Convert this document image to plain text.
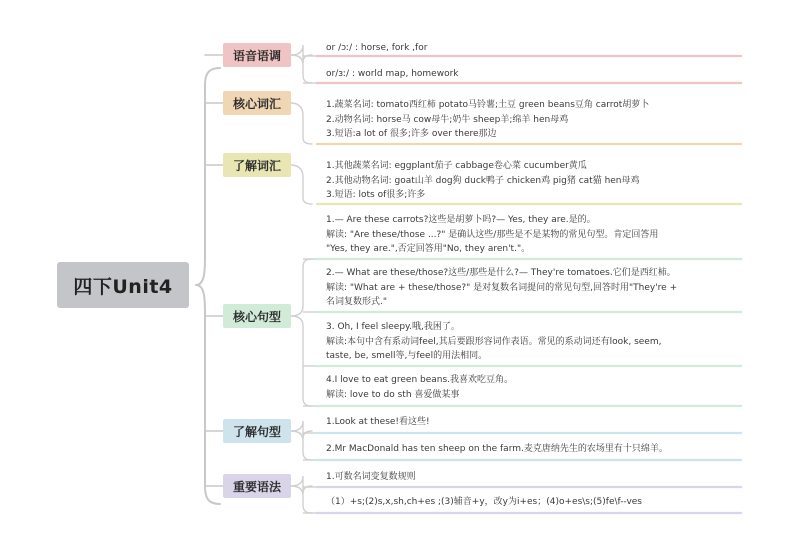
四下Unit4
语音语调
or /ɔː/ : horse, fork ,for
or/ɜː/ : world map, homework
核心词汇	1.蔬菜名词: tomato西红柿 potato马铃薯;土豆 green beans豆角 carrot胡萝卜
2.动物名词: horse马 cow母牛;奶牛 sheep羊;绵羊 hen母鸡
3.短语:a lot of 很多;许多 over there那边
了解词汇	1.其他蔬菜名词: eggplant茄子 cabbage卷心菜 cucumber黄瓜
2.其他动物名词: goat山羊 dog狗 duck鸭子 chicken鸡 pig猪 cat猫 hen母鸡
3.短语: lots of很多;许多
核心句型
1.— Are these carrots?这些是胡萝卜吗?— Yes, they are.是的。
解读: "Are these/those ...?" 是确认这些/那些是不是某物的常见句型。肯定回答用
"Yes, they are.",否定回答用"No, they aren't."。
2.— What are these/those?这些/那些是什么?— They're tomatoes.它们是西红柿。
解读: "What are + these/those?" 是对复数名词提问的常见句型,回答时用"They're +
名词复数形式."
3. Oh, I feel sleepy.哦,我困了。
解读:本句中含有系动词feel,其后要跟形容词作表语。常见的系动词还有look, seem,
taste, be, smell等,与feel的用法相同。
4.I love to eat green beans.我喜欢吃豆角。
解读: love to do sth 喜爱做某事
了解句型
1.Look at these!看这些!
2.Mr MacDonald has ten sheep on the farm.麦克唐纳先生的农场里有十只绵羊。
重要语法
1.可数名词变复数规则
（1）+s;(2)s,x,sh,ch+es ;(3)辅音+y，改y为i+es；(4)o+es\s;(5)fe\f--ves
